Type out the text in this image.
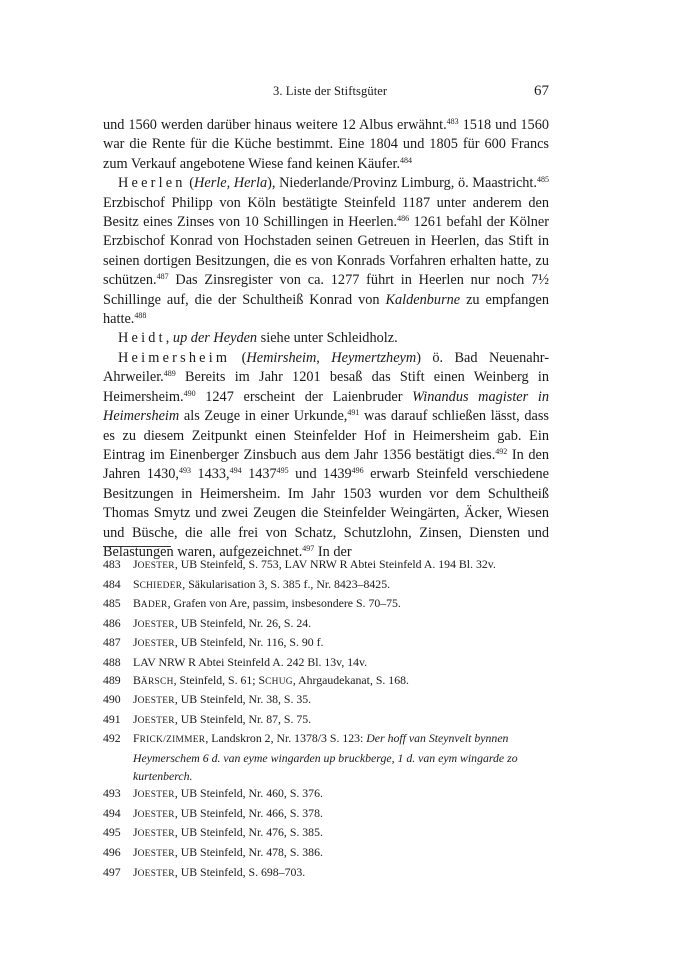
3. Liste der Stiftsgüter	67

und 1560 werden darüber hinaus weitere 12 Albus erwähnt.$^{483}$ 1518 und 1560 war die Rente für die Küche bestimmt. Eine 1804 und 1805 für 600 Francs zum Verkauf angebotene Wiese fand keinen Käufer.$^{484}$

Heerlen (Herle, Herla), Niederlande/Provinz Limburg, ö. Maastricht.$^{485}$ Erzbischof Philipp von Köln bestätigte Steinfeld 1187 unter anderem den Besitz eines Zinses von 10 Schillingen in Heerlen.$^{486}$ 1261 befahl der Kölner Erzbischof Konrad von Hochstaden seinen Getreuen in Heerlen, das Stift in seinen dortigen Besitzungen, die es von Konrads Vorfahren erhalten hatte, zu schützen.$^{487}$ Das Zinsregister von ca. 1277 führt in Heerlen nur noch 7½ Schillinge auf, die der Schultheiß Konrad von Kaldenburne zu empfangen hatte.$^{488}$

Heidt, up der Heyden siehe unter Schleidholz.

Heimersheim (Hemirsheim, Heymertzheym) ö. Bad Neuenahr-Ahrweiler.$^{489}$ Bereits im Jahr 1201 besaß das Stift einen Weinberg in Heimersheim.$^{490}$ 1247 erscheint der Laienbruder Winandus magister in Heimersheim als Zeuge in einer Urkunde,$^{491}$ was darauf schließen lässt, dass es zu diesem Zeitpunkt einen Steinfelder Hof in Heimersheim gab. Ein Eintrag im Einenberger Zinsbuch aus dem Jahr 1356 bestätigt dies.$^{492}$ In den Jahren 1430,$^{493}$ 1433,$^{494}$ 1437$^{495}$ und 1439$^{496}$ erwarb Steinfeld verschiedene Besitzungen in Heimersheim. Im Jahr 1503 wurden vor dem Schultheiß Thomas Smytz und zwei Zeugen die Steinfelder Weingärten, Äcker, Wiesen und Büsche, die alle frei von Schatz, Schutzlohn, Zinsen, Diensten und Belastungen waren, aufgezeichnet.$^{497}$ In der

483	JOESTER, UB Steinfeld, S. 753, LAV NRW R Abtei Steinfeld A. 194 Bl. 32v.
484	SCHIEDER, Säkularisation 3, S. 385 f., Nr. 8423–8425.
485	BADER, Grafen von Are, passim, insbesondere S. 70–75.
486	JOESTER, UB Steinfeld, Nr. 26, S. 24.
487	JOESTER, UB Steinfeld, Nr. 116, S. 90 f.
488	LAV NRW R Abtei Steinfeld A. 242 Bl. 13v, 14v.
489	BÄRSCH, Steinfeld, S. 61; SCHUG, Ahrgaudekanat, S. 168.
490	JOESTER, UB Steinfeld, Nr. 38, S. 35.
491	JOESTER, UB Steinfeld, Nr. 87, S. 75.
492	FRICK/ZIMMER, Landskron 2, Nr. 1378/3 S. 123: Der hoff van Steynvelt bynnen Heymerschem 6 d. van eyme wingarden up bruckberge, 1 d. van eym wingarde zo kurtenberch.
493	JOESTER, UB Steinfeld, Nr. 460, S. 376.
494	JOESTER, UB Steinfeld, Nr. 466, S. 378.
495	JOESTER, UB Steinfeld, Nr. 476, S. 385.
496	JOESTER, UB Steinfeld, Nr. 478, S. 386.
497	JOESTER, UB Steinfeld, S. 698–703.
